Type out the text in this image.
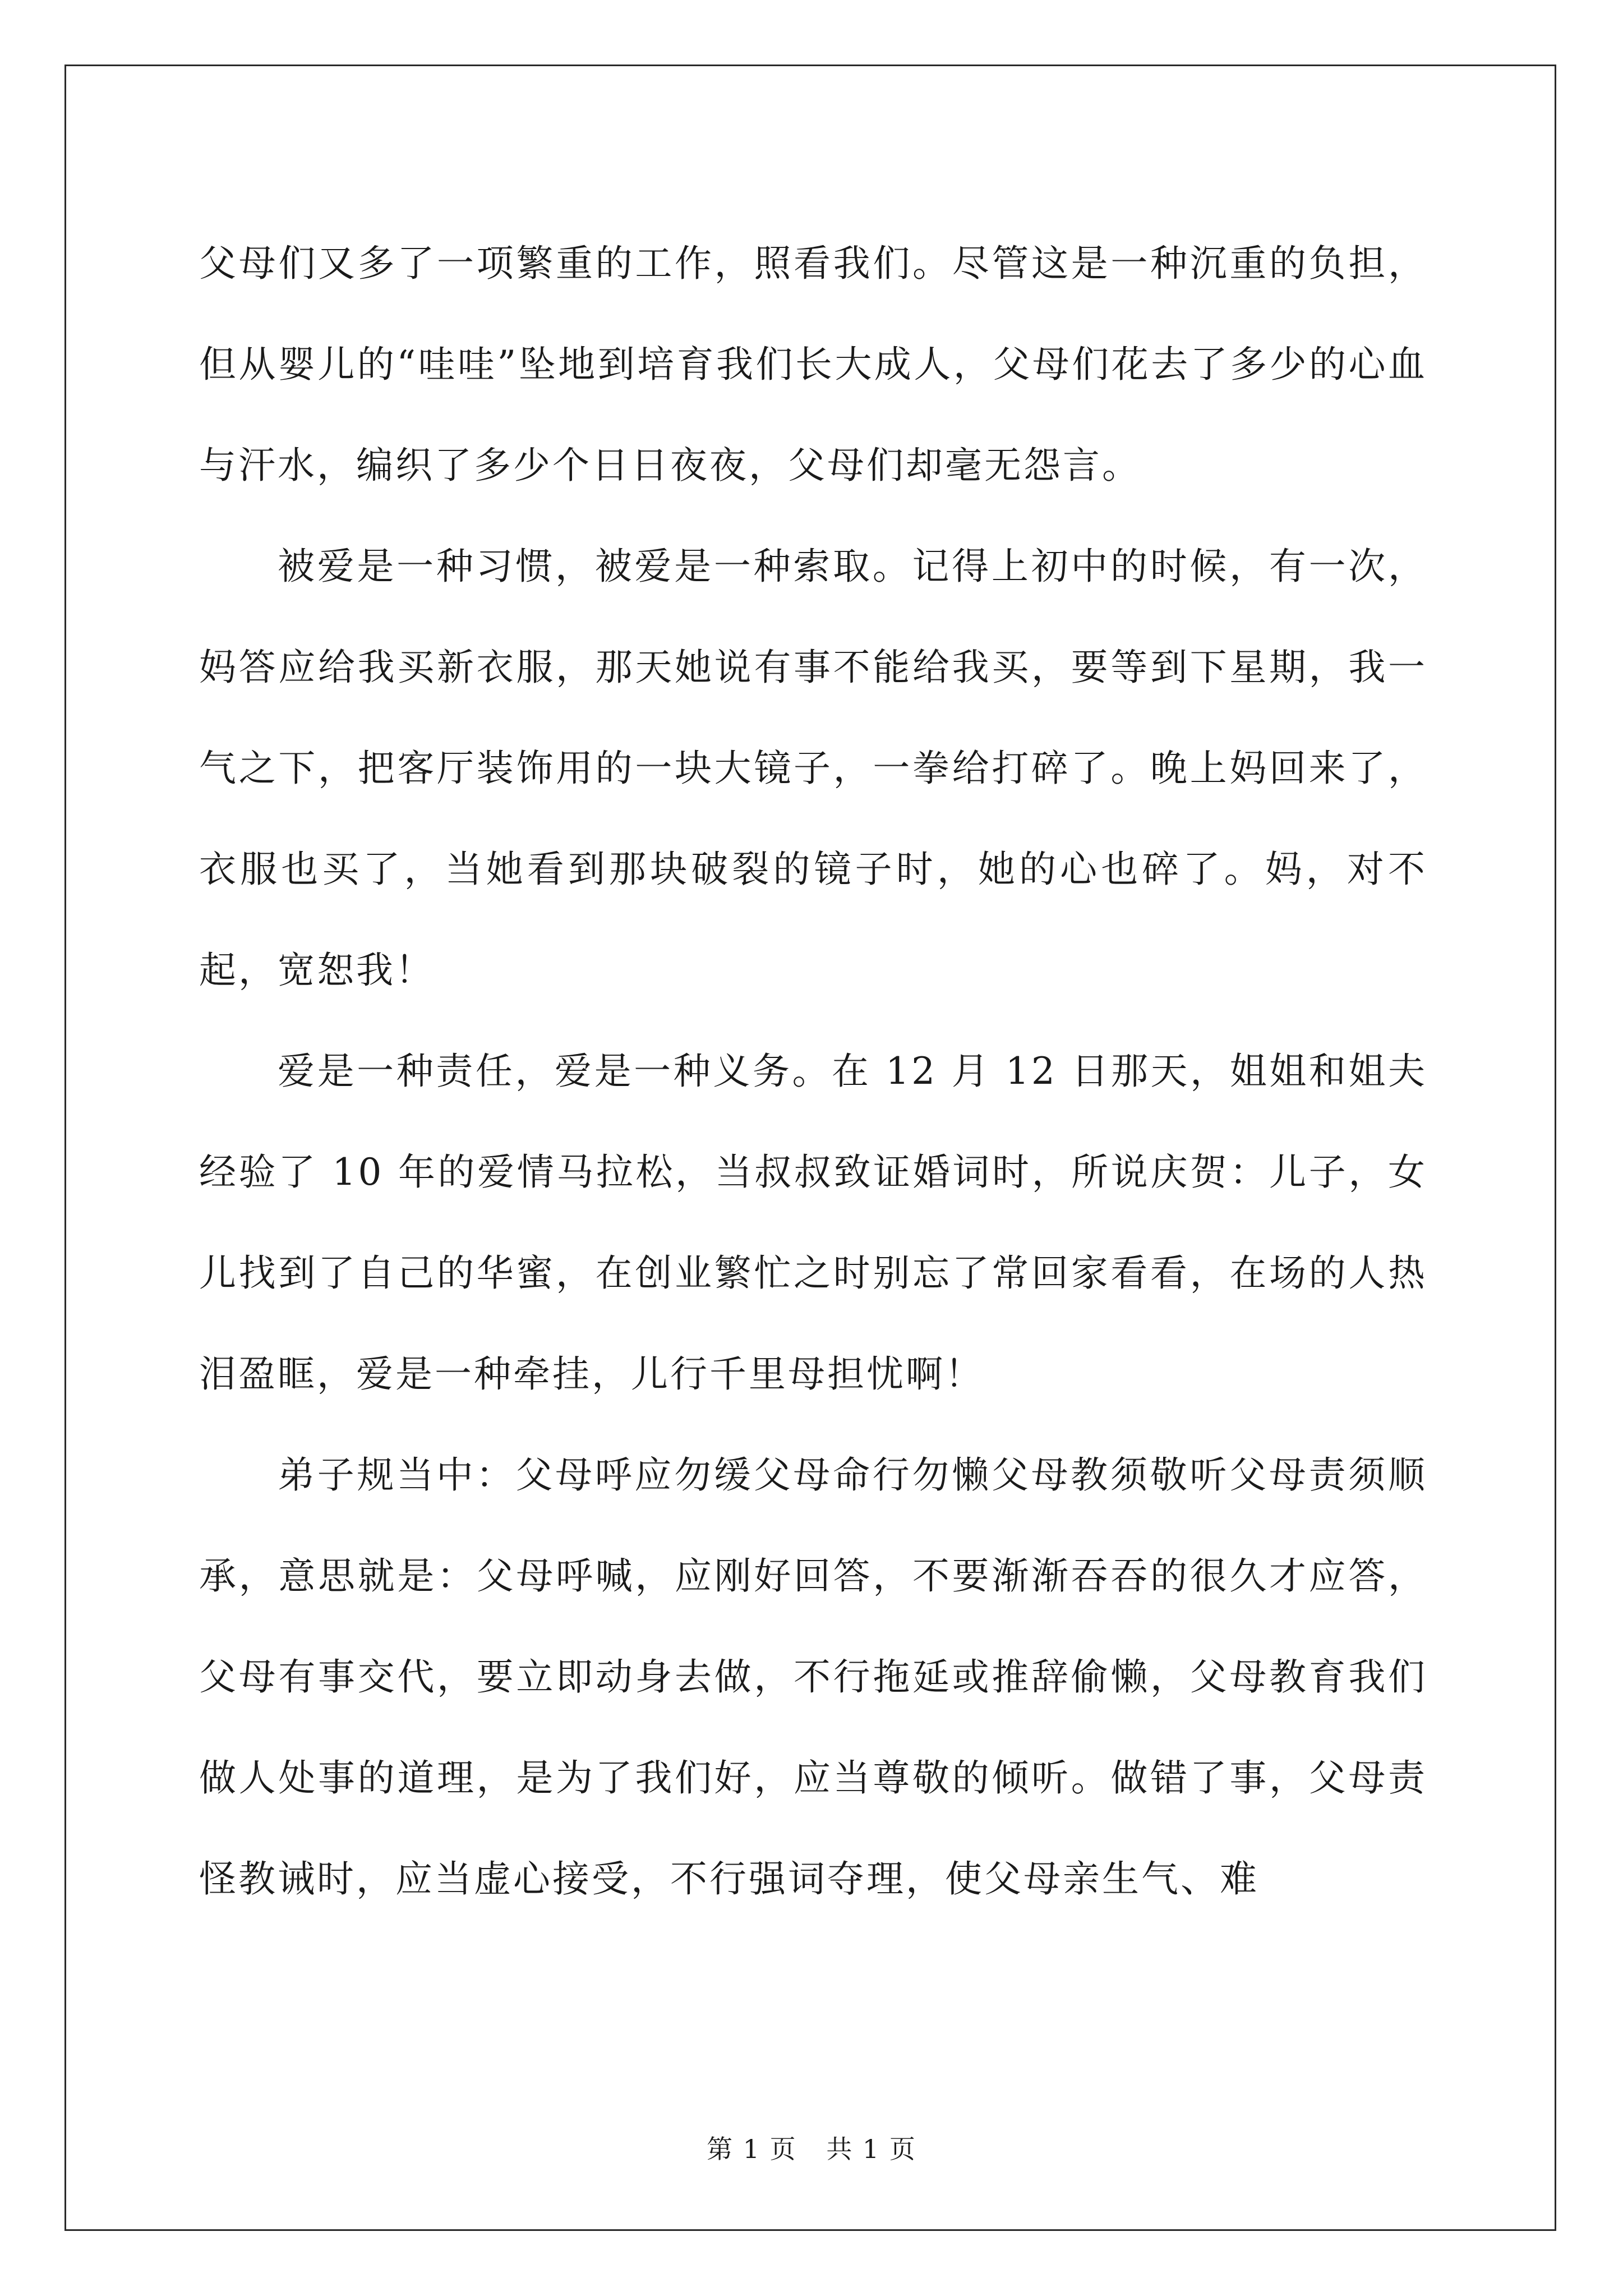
父母们又多了一项繁重的工作，照看我们。尽管这是一种沉重的负担，但从婴儿的“哇哇”坠地到培育我们长大成人，父母们花去了多少的心血与汗水，编织了多少个日日夜夜，父母们却毫无怨言。

被爱是一种习惯，被爱是一种索取。记得上初中的时候，有一次，妈答应给我买新衣服，那天她说有事不能给我买，要等到下星期，我一气之下，把客厅装饰用的一块大镜子，一拳给打碎了。晚上妈回来了，衣服也买了，当她看到那块破裂的镜子时，她的心也碎了。妈，对不起，宽恕我！

爱是一种责任，爱是一种义务。在 12 月 12 日那天，姐姐和姐夫经验了 10 年的爱情马拉松，当叔叔致证婚词时，所说庆贺：儿子，女儿找到了自己的华蜜，在创业繁忙之时别忘了常回家看看，在场的人热泪盈眶，爱是一种牵挂，儿行千里母担忧啊！

弟子规当中：父母呼应勿缓父母命行勿懒父母教须敬听父母责须顺承，意思就是：父母呼喊，应刚好回答，不要渐渐吞吞的很久才应答，父母有事交代，要立即动身去做，不行拖延或推辞偷懒，父母教育我们做人处事的道理，是为了我们好，应当尊敬的倾听。做错了事，父母责怪教诫时，应当虚心接受，不行强词夺理，使父母亲生气、难

第 1 页 共 1 页
